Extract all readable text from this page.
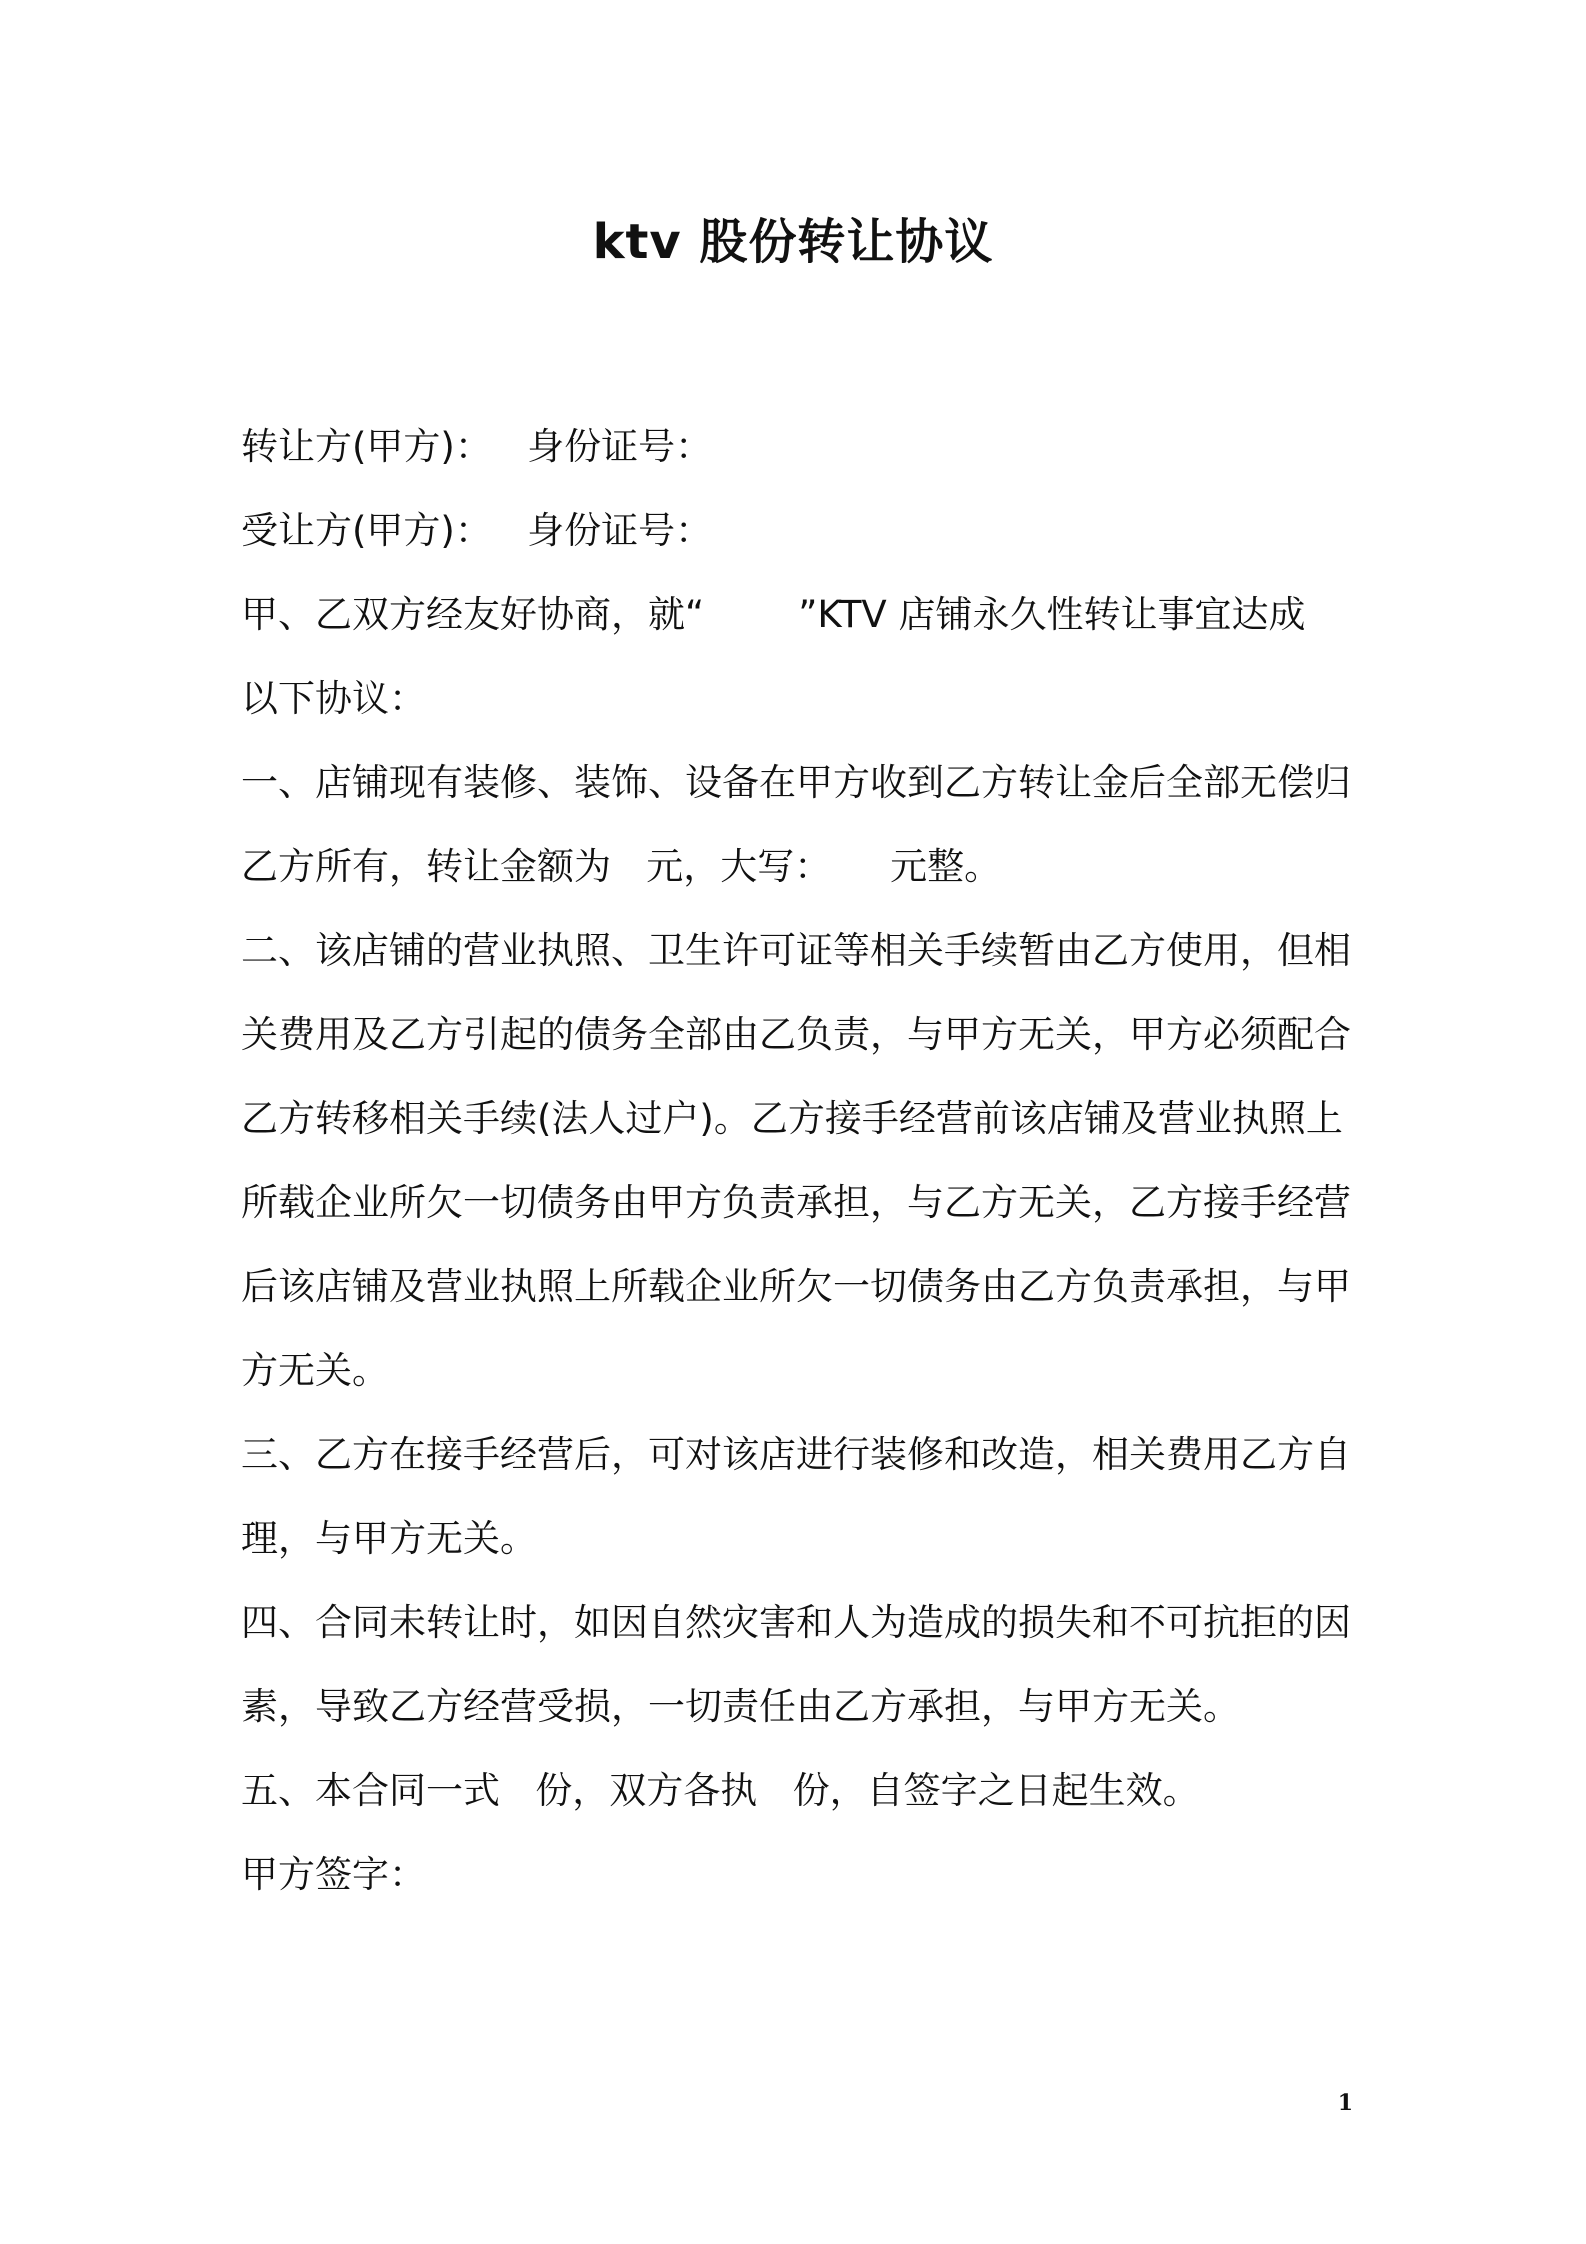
ktv 股份转让协议
转让方(甲方)：   身份证号：
受让方(甲方)：   身份证号：
甲、乙双方经友好协商，就“        ”KTV 店铺永久性转让事宜达成
以下协议：
一、店铺现有装修、装饰、设备在甲方收到乙方转让金后全部无偿归
乙方所有，转让金额为   元，大写：     元整。
二、该店铺的营业执照、卫生许可证等相关手续暂由乙方使用，但相
关费用及乙方引起的债务全部由乙负责，与甲方无关，甲方必须配合
乙方转移相关手续(法人过户)。乙方接手经营前该店铺及营业执照上
所载企业所欠一切债务由甲方负责承担，与乙方无关，乙方接手经营
后该店铺及营业执照上所载企业所欠一切债务由乙方负责承担，与甲
方无关。
三、乙方在接手经营后，可对该店进行装修和改造，相关费用乙方自
理，与甲方无关。
四、合同未转让时，如因自然灾害和人为造成的损失和不可抗拒的因
素，导致乙方经营受损，一切责任由乙方承担，与甲方无关。
五、本合同一式   份，双方各执   份，自签字之日起生效。
甲方签字：
1
